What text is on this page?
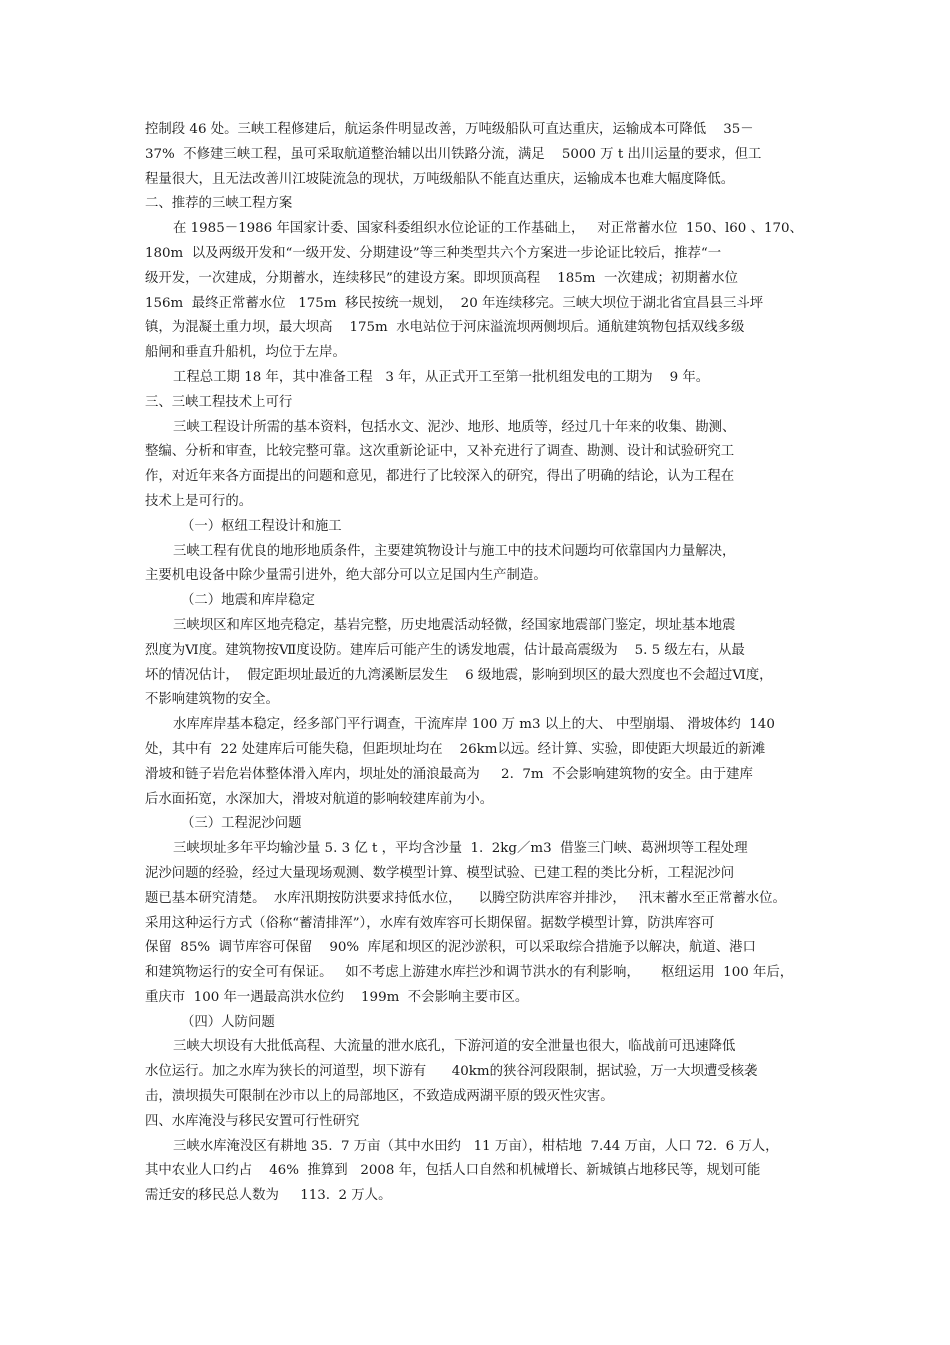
控制段 46 处。三峡工程修建后，航运条件明显改善，万吨级船队可直达重庆，运输成本可降低    35－
37%  不修建三峡工程，虽可采取航道整治辅以出川铁路分流，满足    5000 万 t 出川运量的要求，但工
程量很大，且无法改善川江坡陡流急的现状，万吨级船队不能直达重庆，运输成本也难大幅度降低。
二、推荐的三峡工程方案
在 1985－1986 年国家计委、国家科委组织水位论证的工作基础上，   对正常蓄水位  150、l60 、170、
180m  以及两级开发和“一级开发、分期建设”等三种类型共六个方案进一步论证比较后，推荐“一
级开发，一次建成，分期蓄水，连续移民”的建设方案。即坝顶高程    185m  一次建成；初期蓄水位
156m  最终正常蓄水位   175m  移民按统一规划，  20 年连续移完。三峡大坝位于湖北省宜昌县三斗坪
镇，为混凝土重力坝，最大坝高    175m  水电站位于河床溢流坝两侧坝后。通航建筑物包括双线多级
船闸和垂直升船机，均位于左岸。
工程总工期 18 年，其中准备工程   3 年，从正式开工至第一批机组发电的工期为    9 年。
三、三峡工程技术上可行
三峡工程设计所需的基本资料，包括水文、泥沙、地形、地质等，经过几十年来的收集、勘测、
整编、分析和审查，比较完整可靠。这次重新论证中，又补充进行了调查、勘测、设计和试验研究工
作，对近年来各方面提出的问题和意见，都进行了比较深入的研究，得出了明确的结论，认为工程在
技术上是可行的。
（一）枢纽工程设计和施工
三峡工程有优良的地形地质条件，主要建筑物设计与施工中的技术问题均可依靠国内力量解决，
主要机电设备中除少量需引进外，绝大部分可以立足国内生产制造。
（二）地震和库岸稳定
三峡坝区和库区地壳稳定，基岩完整，历史地震活动轻微，经国家地震部门鉴定，坝址基本地震
烈度为Ⅵ度。建筑物按Ⅶ度设防。建库后可能产生的诱发地震，估计最高震级为    5. 5 级左右，从最
坏的情况估计，  假定距坝址最近的九湾溪断层发生    6 级地震，影响到坝区的最大烈度也不会超过Ⅵ度，
不影响建筑物的安全。
水库库岸基本稳定，经多部门平行调查，干流库岸 100 万 m3 以上的大、 中型崩塌、 滑坡体约  140
处，其中有  22 处建库后可能失稳，但距坝址均在    26km以远。经计算、实验，即使距大坝最近的新滩
滑坡和链子岩危岩体整体滑入库内，坝址处的涌浪最高为     2.  7m  不会影响建筑物的安全。由于建库
后水面拓宽，水深加大，滑坡对航道的影响较建库前为小。
（三）工程泥沙问题
三峡坝址多年平均输沙量 5. 3 亿 t ，平均含沙量  1.  2kg／m3  借鉴三门峡、葛洲坝等工程处理
泥沙问题的经验，经过大量现场观测、数学模型计算、模型试验、已建工程的类比分析，工程泥沙问
题已基本研究清楚。  水库汛期按防洪要求持低水位，    以腾空防洪库容并排沙，   汛末蓄水至正常蓄水位。
采用这种运行方式（俗称“蓄清排浑”），水库有效库容可长期保留。据数学模型计算，防洪库容可
保留  85%  调节库容可保留    90%  库尾和坝区的泥沙淤积，可以采取综合措施予以解决，航道、港口
和建筑物运行的安全可有保证。   如不考虑上游建水库拦沙和调节洪水的有利影响，     枢纽运用  100 年后，
重庆市  100 年一遇最高洪水位约    199m  不会影响主要市区。
（四）人防问题
三峡大坝设有大批低高程、大流量的泄水底孔，下游河道的安全泄量也很大，临战前可迅速降低
水位运行。加之水库为狭长的河道型，坝下游有      40km的狭谷河段限制，据试验，万一大坝遭受核袭
击，溃坝损失可限制在沙市以上的局部地区，不致造成两湖平原的毁灭性灾害。
四、水库淹没与移民安置可行性研究
三峡水库淹没区有耕地 35.  7 万亩（其中水田约   11 万亩），柑桔地  7.44 万亩，人口 72.  6 万人，
其中农业人口约占    46%  推算到   2008 年，包括人口自然和机械增长、新城镇占地移民等，规划可能
需迁安的移民总人数为     113.  2 万人。
